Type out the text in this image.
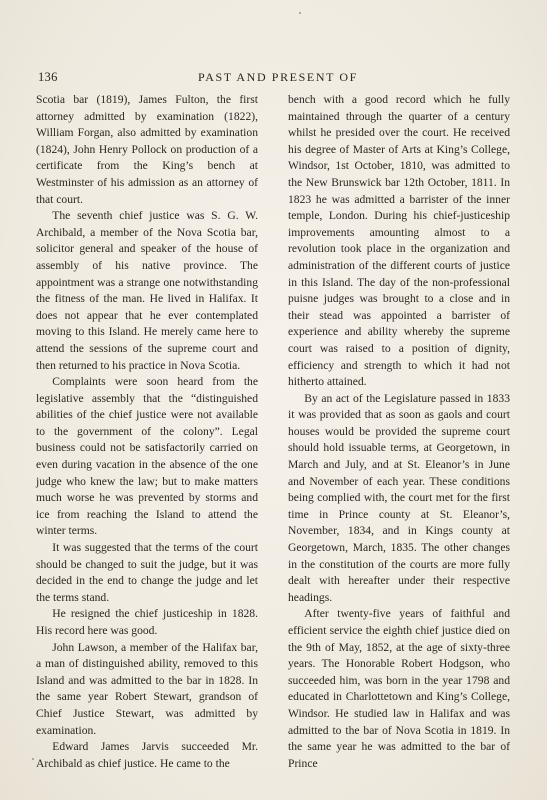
136	PAST AND PRESENT OF

Scotia bar (1819), James Fulton, the first attorney admitted by examination (1822), William Forgan, also admitted by examination (1824), John Henry Pollock on production of a certificate from the King’s bench at Westminster of his admission as an attorney of that court.

The seventh chief justice was S. G. W. Archibald, a member of the Nova Scotia bar, solicitor general and speaker of the house of assembly of his native province. The appointment was a strange one notwithstanding the fitness of the man. He lived in Halifax. It does not appear that he ever contemplated moving to this Island. He merely came here to attend the sessions of the supreme court and then returned to his practice in Nova Scotia.

Complaints were soon heard from the legislative assembly that the “distinguished abilities of the chief justice were not available to the government of the colony”. Legal business could not be satisfactorily carried on even during vacation in the absence of the one judge who knew the law; but to make matters much worse he was prevented by storms and ice from reaching the Island to attend the winter terms.

It was suggested that the terms of the court should be changed to suit the judge, but it was decided in the end to change the judge and let the terms stand.

He resigned the chief justiceship in 1828. His record here was good.

John Lawson, a member of the Halifax bar, a man of distinguished ability, removed to this Island and was admitted to the bar in 1828. In the same year Robert Stewart, grandson of Chief Justice Stewart, was admitted by examination.

Edward James Jarvis succeeded Mr. Archibald as chief justice. He came to the

bench with a good record which he fully maintained through the quarter of a century whilst he presided over the court. He received his degree of Master of Arts at King’s College, Windsor, 1st October, 1810, was admitted to the New Brunswick bar 12th October, 1811. In 1823 he was admitted a barrister of the inner temple, London. During his chief-justiceship improvements amounting almost to a revolution took place in the organization and administration of the different courts of justice in this Island. The day of the non-professional puisne judges was brought to a close and in their stead was appointed a barrister of experience and ability whereby the supreme court was raised to a position of dignity, efficiency and strength to which it had not hitherto attained.

By an act of the Legislature passed in 1833 it was provided that as soon as gaols and court houses would be provided the supreme court should hold issuable terms, at Georgetown, in March and July, and at St. Eleanor’s in June and November of each year. These conditions being complied with, the court met for the first time in Prince county at St. Eleanor’s, November, 1834, and in Kings county at Georgetown, March, 1835. The other changes in the constitution of the courts are more fully dealt with hereafter under their respective headings.

After twenty-five years of faithful and efficient service the eighth chief justice died on the 9th of May, 1852, at the age of sixty-three years. The Honorable Robert Hodgson, who succeeded him, was born in the year 1798 and educated in Charlottetown and King’s College, Windsor. He studied law in Halifax and was admitted to the bar of Nova Scotia in 1819. In the same year he was admitted to the bar of Prince
